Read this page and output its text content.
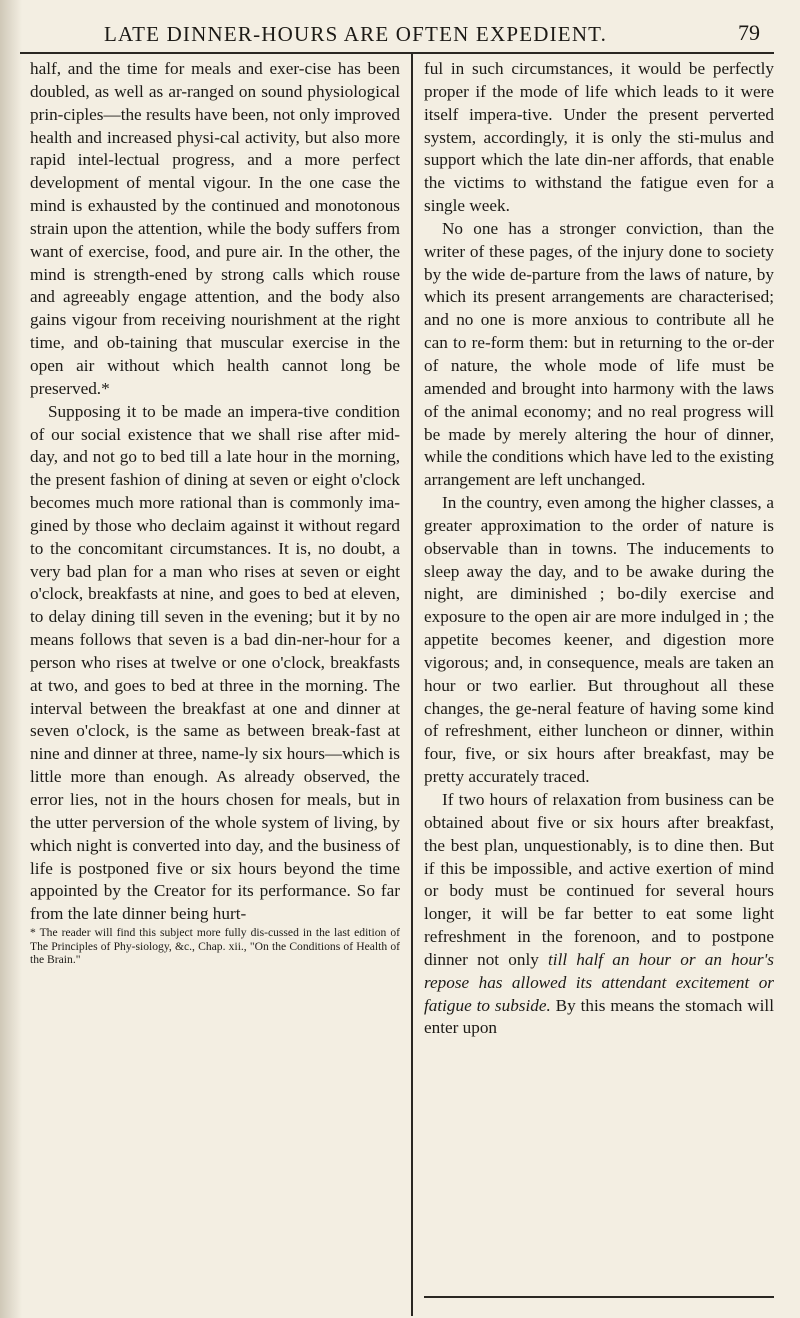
LATE DINNER-HOURS ARE OFTEN EXPEDIENT.	79

half, and the time for meals and exer-cise has been doubled, as well as ar-ranged on sound physiological prin-ciples—the results have been, not only improved health and increased physi-cal activity, but also more rapid intel-lectual progress, and a more perfect development of mental vigour. In the one case the mind is exhausted by the continued and monotonous strain upon the attention, while the body suffers from want of exercise, food, and pure air. In the other, the mind is strength-ened by strong calls which rouse and agreeably engage attention, and the body also gains vigour from receiving nourishment at the right time, and ob-taining that muscular exercise in the open air without which health cannot long be preserved.*

Supposing it to be made an impera-tive condition of our social existence that we shall rise after mid-day, and not go to bed till a late hour in the morning, the present fashion of dining at seven or eight o'clock becomes much more rational than is commonly ima-gined by those who declaim against it without regard to the concomitant circumstances. It is, no doubt, a very bad plan for a man who rises at seven or eight o'clock, breakfasts at nine, and goes to bed at eleven, to delay dining till seven in the evening; but it by no means follows that seven is a bad din-ner-hour for a person who rises at twelve or one o'clock, breakfasts at two, and goes to bed at three in the morning. The interval between the breakfast at one and dinner at seven o'clock, is the same as between break-fast at nine and dinner at three, name-ly six hours—which is little more than enough. As already observed, the error lies, not in the hours chosen for meals, but in the utter perversion of the whole system of living, by which night is converted into day, and the business of life is postponed five or six hours beyond the time appointed by the Creator for its performance. So far from the late dinner being hurt-

* The reader will find this subject more fully dis-cussed in the last edition of The Principles of Phy-siology, &c., Chap. xii., "On the Conditions of Health of the Brain."

ful in such circumstances, it would be perfectly proper if the mode of life which leads to it were itself impera-tive. Under the present perverted system, accordingly, it is only the sti-mulus and support which the late din-ner affords, that enable the victims to withstand the fatigue even for a single week.

No one has a stronger conviction, than the writer of these pages, of the injury done to society by the wide de-parture from the laws of nature, by which its present arrangements are characterised; and no one is more anxious to contribute all he can to re-form them: but in returning to the or-der of nature, the whole mode of life must be amended and brought into harmony with the laws of the animal economy; and no real progress will be made by merely altering the hour of dinner, while the conditions which have led to the existing arrangement are left unchanged.

In the country, even among the higher classes, a greater approximation to the order of nature is observable than in towns. The inducements to sleep away the day, and to be awake during the night, are diminished ; bo-dily exercise and exposure to the open air are more indulged in ; the appetite becomes keener, and digestion more vigorous; and, in consequence, meals are taken an hour or two earlier. But throughout all these changes, the ge-neral feature of having some kind of refreshment, either luncheon or dinner, within four, five, or six hours after breakfast, may be pretty accurately traced.

If two hours of relaxation from business can be obtained about five or six hours after breakfast, the best plan, unquestionably, is to dine then. But if this be impossible, and active exertion of mind or body must be continued for several hours longer, it will be far better to eat some light refreshment in the forenoon, and to postpone dinner not only till half an hour or an hour's repose has allowed its attendant excitement or fatigue to subside. By this means the stomach will enter upon
